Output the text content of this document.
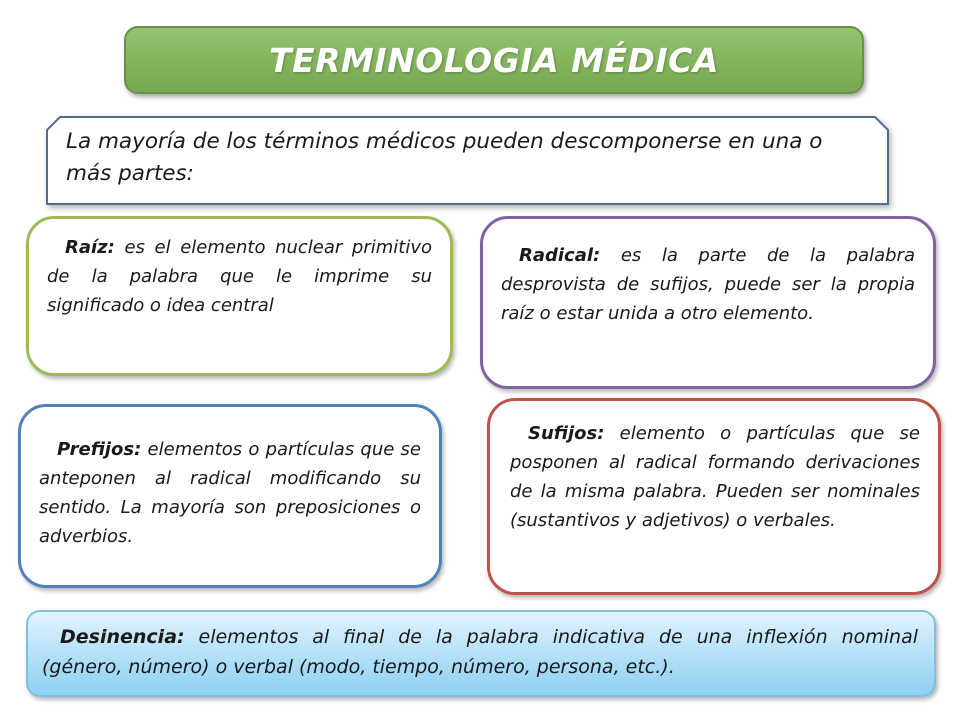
TERMINOLOGIA MÉDICA
La mayoría de los términos médicos pueden descomponerse en una o más partes:

Raíz: es el elemento nuclear primitivo de la palabra que le imprime su significado o idea central

Radical: es la parte de la palabra desprovista de sufijos, puede ser la propia raíz o estar unida a otro elemento.

Prefijos: elementos o partículas que se anteponen al radical modificando su sentido. La mayoría son preposiciones o adverbios.

Sufijos: elemento o partículas que se posponen al radical formando derivaciones de la misma palabra. Pueden ser nominales (sustantivos y adjetivos) o verbales.

Desinencia: elementos al final de la palabra indicativa de una inflexión nominal (género, número) o verbal (modo, tiempo, número, persona, etc.).
